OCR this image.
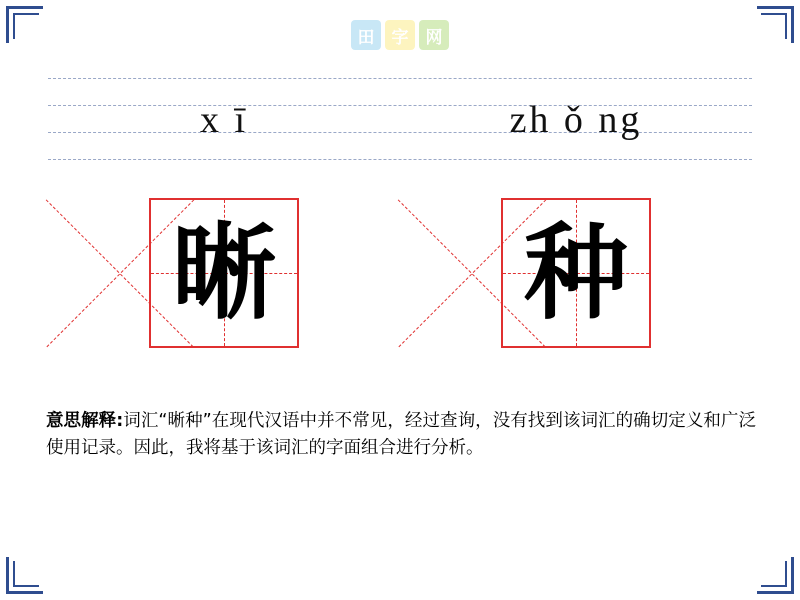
田	字	网
x ī	zh ǒ ng
晰 种
意思解释:词汇“晰种”在现代汉语中并不常见，经过查询，没有找到该词汇的确切定义和广泛使用记录。因此，我将基于该词汇的字面组合进行分析。
